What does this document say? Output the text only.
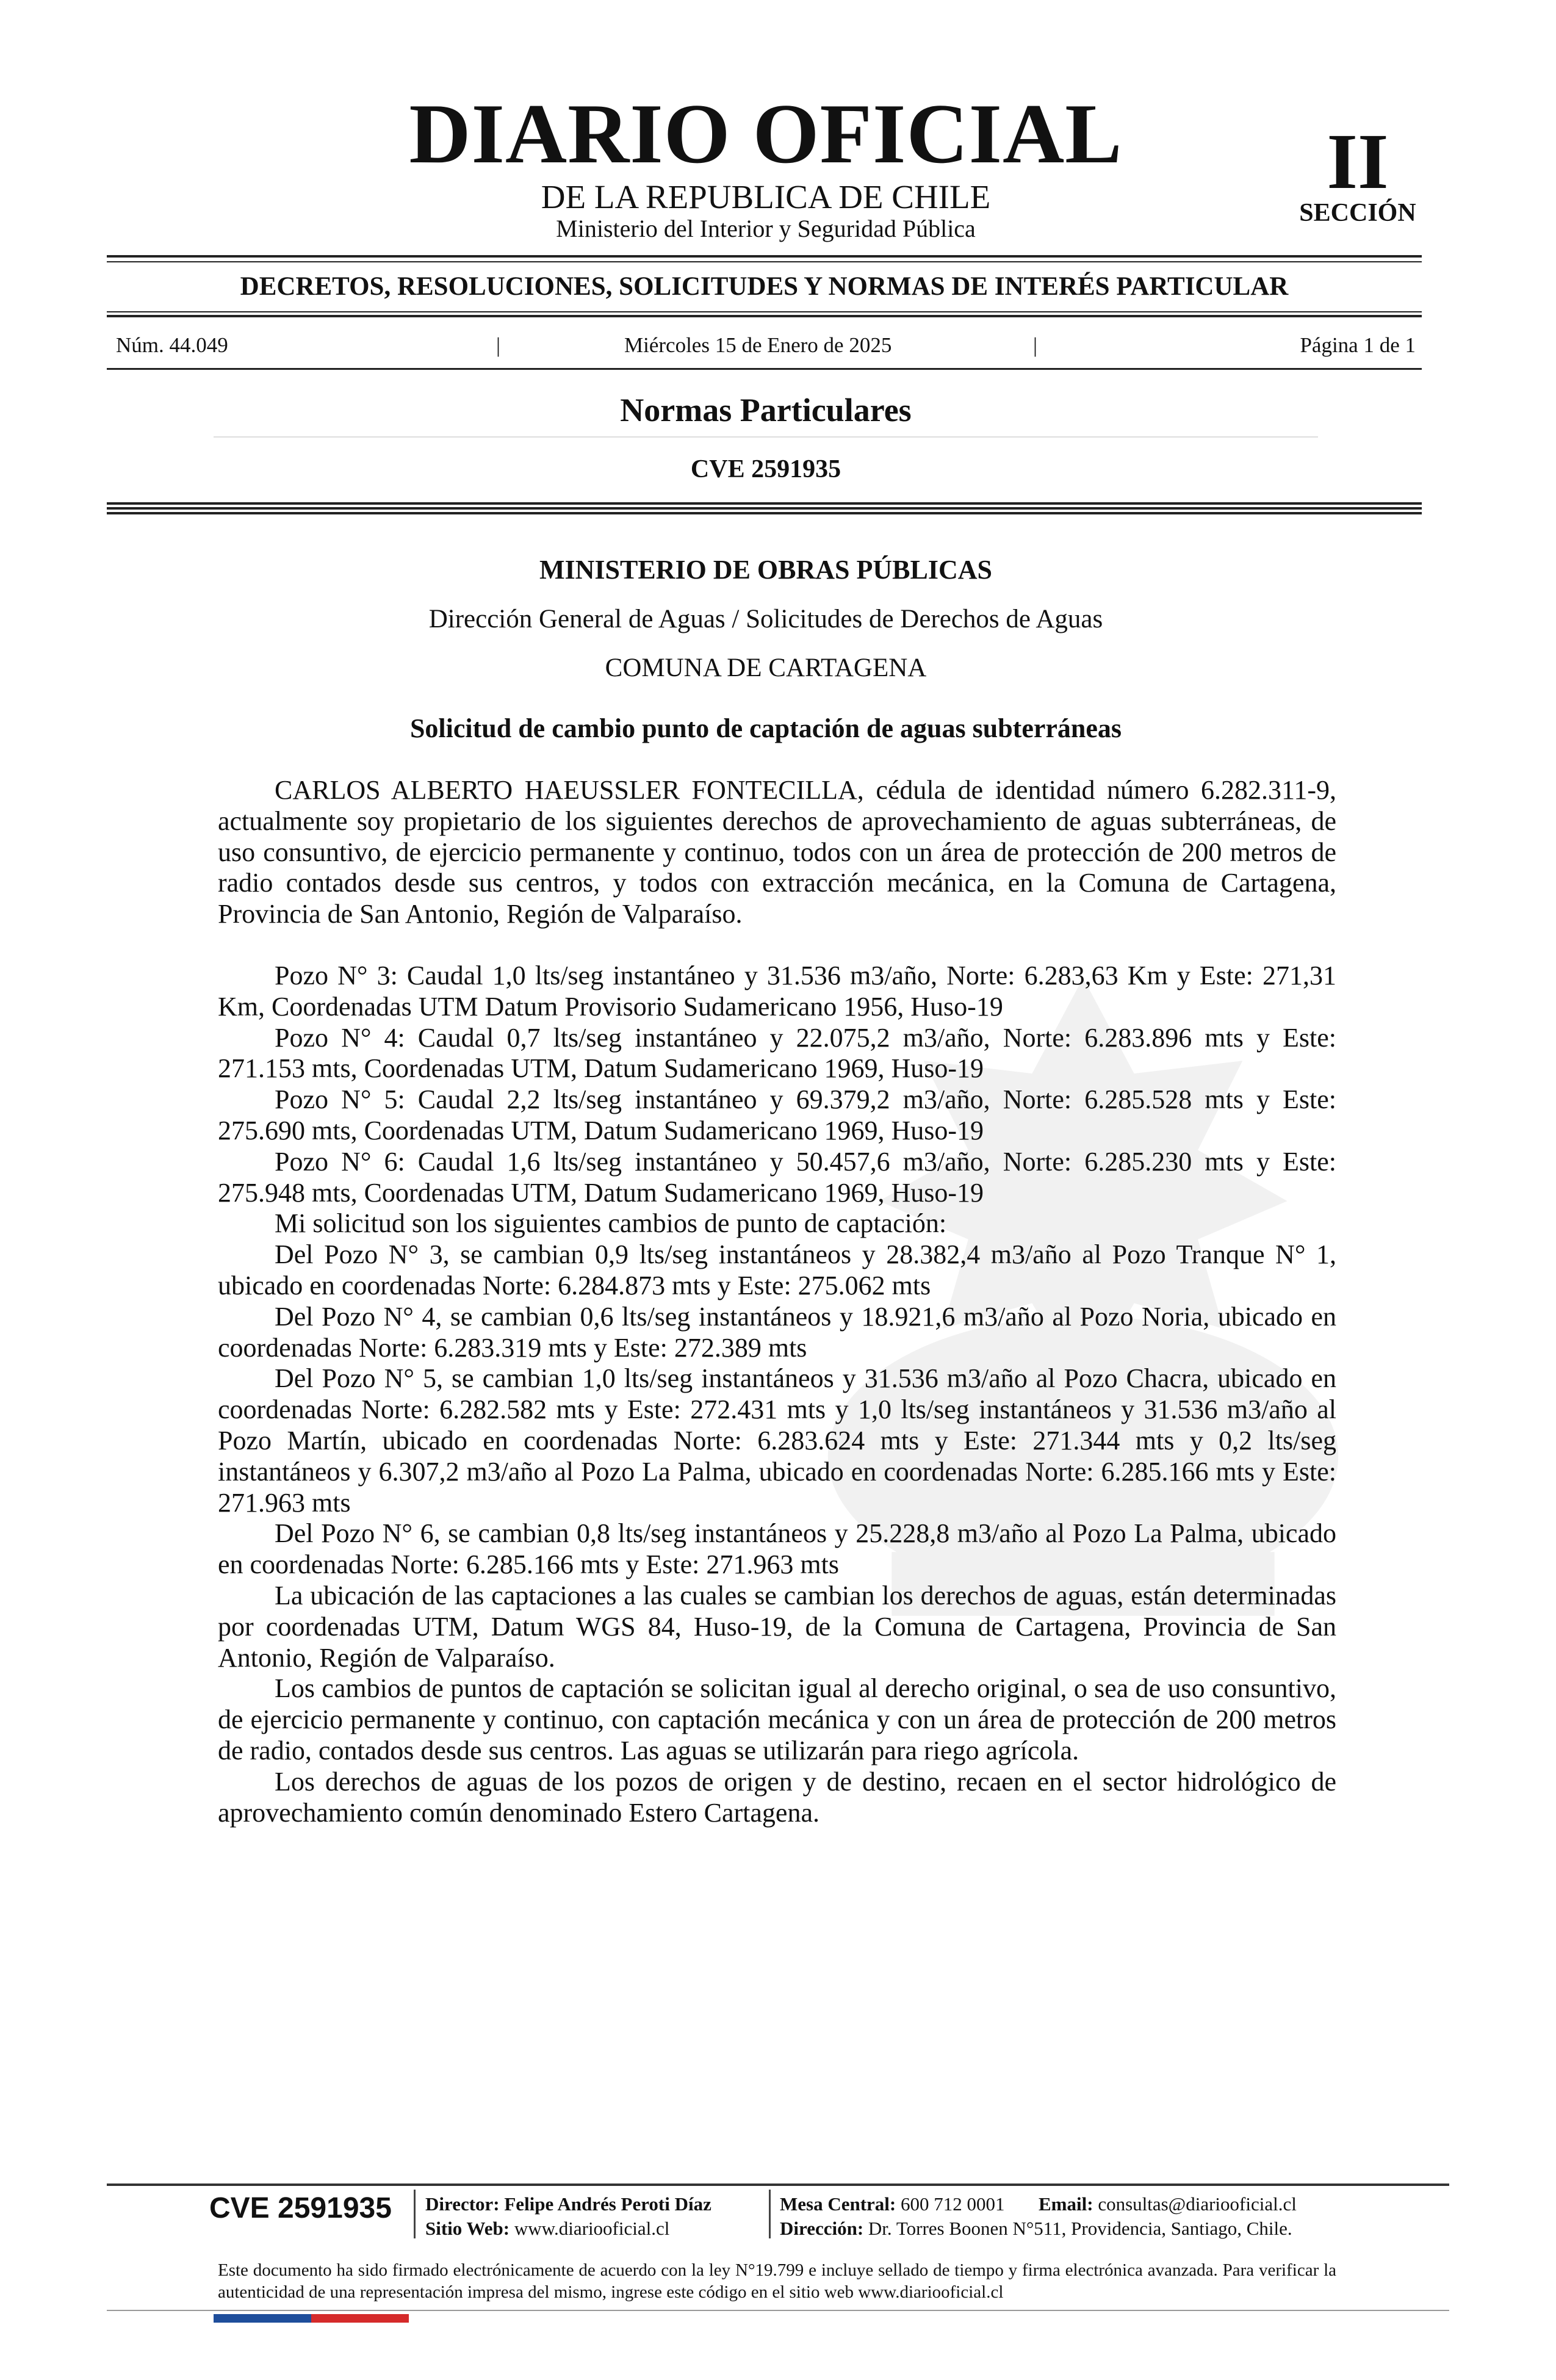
DIARIO OFICIAL
DE LA REPUBLICA DE CHILE
Ministerio del Interior y Seguridad Pública
II
SECCIÓN
DECRETOS, RESOLUCIONES, SOLICITUDES Y NORMAS DE INTERÉS PARTICULAR
Núm. 44.049	|	Miércoles 15 de Enero de 2025	|	Página 1 de 1
Normas Particulares
CVE 2591935
MINISTERIO DE OBRAS PÚBLICAS
Dirección General de Aguas / Solicitudes de Derechos de Aguas
COMUNA DE CARTAGENA
Solicitud de cambio punto de captación de aguas subterráneas

CARLOS ALBERTO HAEUSSLER FONTECILLA, cédula de identidad número 6.282.311-9, actualmente soy propietario de los siguientes derechos de aprovechamiento de aguas subterráneas, de uso consuntivo, de ejercicio permanente y continuo, todos con un área de protección de 200 metros de radio contados desde sus centros, y todos con extracción mecánica, en la Comuna de Cartagena, Provincia de San Antonio, Región de Valparaíso.

Pozo N° 3: Caudal 1,0 lts/seg instantáneo y 31.536 m3/año, Norte: 6.283,63 Km y Este: 271,31 Km, Coordenadas UTM Datum Provisorio Sudamericano 1956, Huso-19

Pozo N° 4: Caudal 0,7 lts/seg instantáneo y 22.075,2 m3/año, Norte: 6.283.896 mts y Este: 271.153 mts, Coordenadas UTM, Datum Sudamericano 1969, Huso-19

Pozo N° 5: Caudal 2,2 lts/seg instantáneo y 69.379,2 m3/año, Norte: 6.285.528 mts y Este: 275.690 mts, Coordenadas UTM, Datum Sudamericano 1969, Huso-19

Pozo N° 6: Caudal 1,6 lts/seg instantáneo y 50.457,6 m3/año, Norte: 6.285.230 mts y Este: 275.948 mts, Coordenadas UTM, Datum Sudamericano 1969, Huso-19

Mi solicitud son los siguientes cambios de punto de captación:

Del Pozo N° 3, se cambian 0,9 lts/seg instantáneos y 28.382,4 m3/año al Pozo Tranque N° 1, ubicado en coordenadas Norte: 6.284.873 mts y Este: 275.062 mts

Del Pozo N° 4, se cambian 0,6 lts/seg instantáneos y 18.921,6 m3/año al Pozo Noria, ubicado en coordenadas Norte: 6.283.319 mts y Este: 272.389 mts

Del Pozo N° 5, se cambian 1,0 lts/seg instantáneos y 31.536 m3/año al Pozo Chacra, ubicado en coordenadas Norte: 6.282.582 mts y Este: 272.431 mts y 1,0 lts/seg instantáneos y 31.536 m3/año al Pozo Martín, ubicado en coordenadas Norte: 6.283.624 mts y Este: 271.344 mts y 0,2 lts/seg instantáneos y 6.307,2 m3/año al Pozo La Palma, ubicado en coordenadas Norte: 6.285.166 mts y Este: 271.963 mts

Del Pozo N° 6, se cambian 0,8 lts/seg instantáneos y 25.228,8 m3/año al Pozo La Palma, ubicado en coordenadas Norte: 6.285.166 mts y Este: 271.963 mts

La ubicación de las captaciones a las cuales se cambian los derechos de aguas, están determinadas por coordenadas UTM, Datum WGS 84, Huso-19, de la Comuna de Cartagena, Provincia de San Antonio, Región de Valparaíso.

Los cambios de puntos de captación se solicitan igual al derecho original, o sea de uso consuntivo, de ejercicio permanente y continuo, con captación mecánica y con un área de protección de 200 metros de radio, contados desde sus centros. Las aguas se utilizarán para riego agrícola.

Los derechos de aguas de los pozos de origen y de destino, recaen en el sector hidrológico de aprovechamiento común denominado Estero Cartagena.

CVE 2591935 Director: Felipe Andrés Peroti Díaz
Sitio Web: www.diariooficial.cl
Mesa Central: 600 712 0001 Email: consultas@diariooficial.cl
Dirección: Dr. Torres Boonen N°511, Providencia, Santiago, Chile.
Este documento ha sido firmado electrónicamente de acuerdo con la ley N°19.799 e incluye sellado de tiempo y firma electrónica avanzada. Para verificar la autenticidad de una representación impresa del mismo, ingrese este código en el sitio web www.diariooficial.cl
